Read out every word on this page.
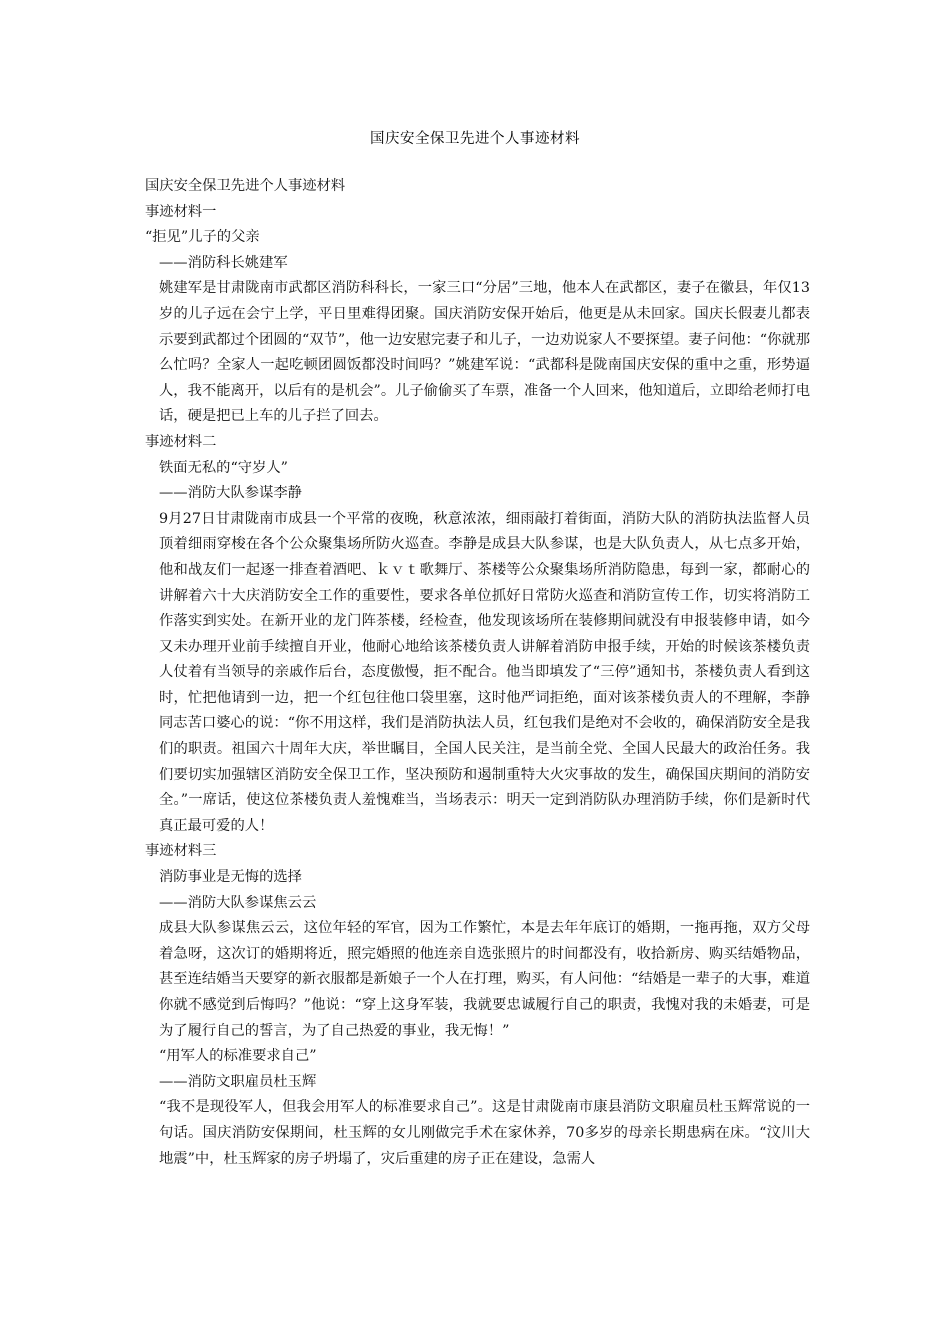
国庆安全保卫先进个人事迹材料

国庆安全保卫先进个人事迹材料

事迹材料一

“拒见”儿子的父亲

——消防科长姚建军

姚建军是甘肃陇南市武都区消防科科长，一家三口“分居”三地，他本人在武都区，妻子在徽县，年仅13岁的儿子远在会宁上学，平日里难得团聚。国庆消防安保开始后，他更是从未回家。国庆长假妻儿都表示要到武都过个团圆的“双节”，他一边安慰完妻子和儿子，一边劝说家人不要探望。妻子问他：“你就那么忙吗？全家人一起吃顿团圆饭都没时间吗？”姚建军说：“武都科是陇南国庆安保的重中之重，形势逼人，我不能离开，以后有的是机会”。儿子偷偷买了车票，准备一个人回来，他知道后，立即给老师打电话，硬是把已上车的儿子拦了回去。

事迹材料二

铁面无私的“守岁人”

——消防大队参谋李静

9月27日甘肃陇南市成县一个平常的夜晚，秋意浓浓，细雨敲打着街面，消防大队的消防执法监督人员顶着细雨穿梭在各个公众聚集场所防火巡查。李静是成县大队参谋，也是大队负责人，从七点多开始，他和战友们一起逐一排查着酒吧、ｋｖｔ歌舞厅、茶楼等公众聚集场所消防隐患，每到一家，都耐心的讲解着六十大庆消防安全工作的重要性，要求各单位抓好日常防火巡查和消防宣传工作，切实将消防工作落实到实处。在新开业的龙门阵茶楼，经检查，他发现该场所在装修期间就没有申报装修申请，如今又未办理开业前手续擅自开业，他耐心地给该茶楼负责人讲解着消防申报手续，开始的时候该茶楼负责人仗着有当领导的亲戚作后台，态度傲慢，拒不配合。他当即填发了“三停”通知书，茶楼负责人看到这时，忙把他请到一边，把一个红包往他口袋里塞，这时他严词拒绝，面对该茶楼负责人的不理解，李静同志苦口婆心的说：“你不用这样，我们是消防执法人员，红包我们是绝对不会收的，确保消防安全是我们的职责。祖国六十周年大庆，举世瞩目，全国人民关注，是当前全党、全国人民最大的政治任务。我们要切实加强辖区消防安全保卫工作，坚决预防和遏制重特大火灾事故的发生，确保国庆期间的消防安全。”一席话，使这位茶楼负责人羞愧难当，当场表示：明天一定到消防队办理消防手续，你们是新时代真正最可爱的人！

事迹材料三

消防事业是无悔的选择

——消防大队参谋焦云云

成县大队参谋焦云云，这位年轻的军官，因为工作繁忙，本是去年年底订的婚期，一拖再拖，双方父母着急呀，这次订的婚期将近，照完婚照的他连亲自选张照片的时间都没有，收拾新房、购买结婚物品，甚至连结婚当天要穿的新衣服都是新娘子一个人在打理，购买，有人问他：“结婚是一辈子的大事，难道你就不感觉到后悔吗？”他说：“穿上这身军装，我就要忠诚履行自己的职责，我愧对我的未婚妻，可是为了履行自己的誓言，为了自己热爱的事业，我无悔！”

“用军人的标准要求自己”

——消防文职雇员杜玉辉

“我不是现役军人，但我会用军人的标准要求自己”。这是甘肃陇南市康县消防文职雇员杜玉辉常说的一句话。国庆消防安保期间，杜玉辉的女儿刚做完手术在家休养，70多岁的母亲长期患病在床。“汶川大地震”中，杜玉辉家的房子坍塌了，灾后重建的房子正在建设，急需人
